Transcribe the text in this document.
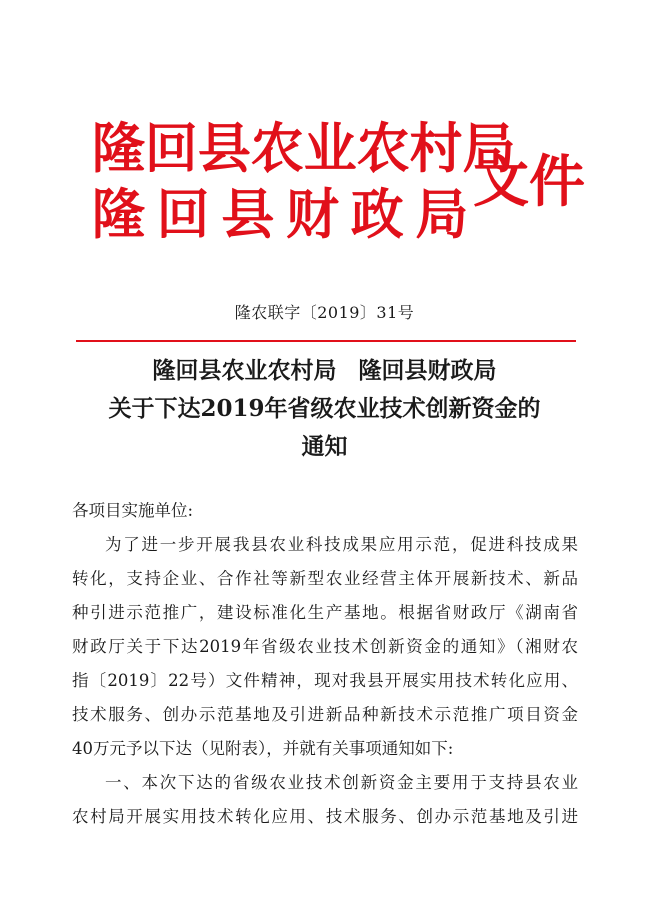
隆回县农业农村局
隆回县财政局
文件
隆农联字〔2019〕31号
隆回县农业农村局 隆回县财政局
关于下达2019年省级农业技术创新资金的
通知
各项目实施单位:
为了进一步开展我县农业科技成果应用示范，促进科技成果
转化，支持企业、合作社等新型农业经营主体开展新技术、新品
种引进示范推广，建设标准化生产基地。根据省财政厅《湖南省
财政厅关于下达2019年省级农业技术创新资金的通知》（湘财农
指〔2019〕22号）文件精神，现对我县开展实用技术转化应用、
技术服务、创办示范基地及引进新品种新技术示范推广项目资金
40万元予以下达（见附表），并就有关事项通知如下:
一、本次下达的省级农业技术创新资金主要用于支持县农业
农村局开展实用技术转化应用、技术服务、创办示范基地及引进
